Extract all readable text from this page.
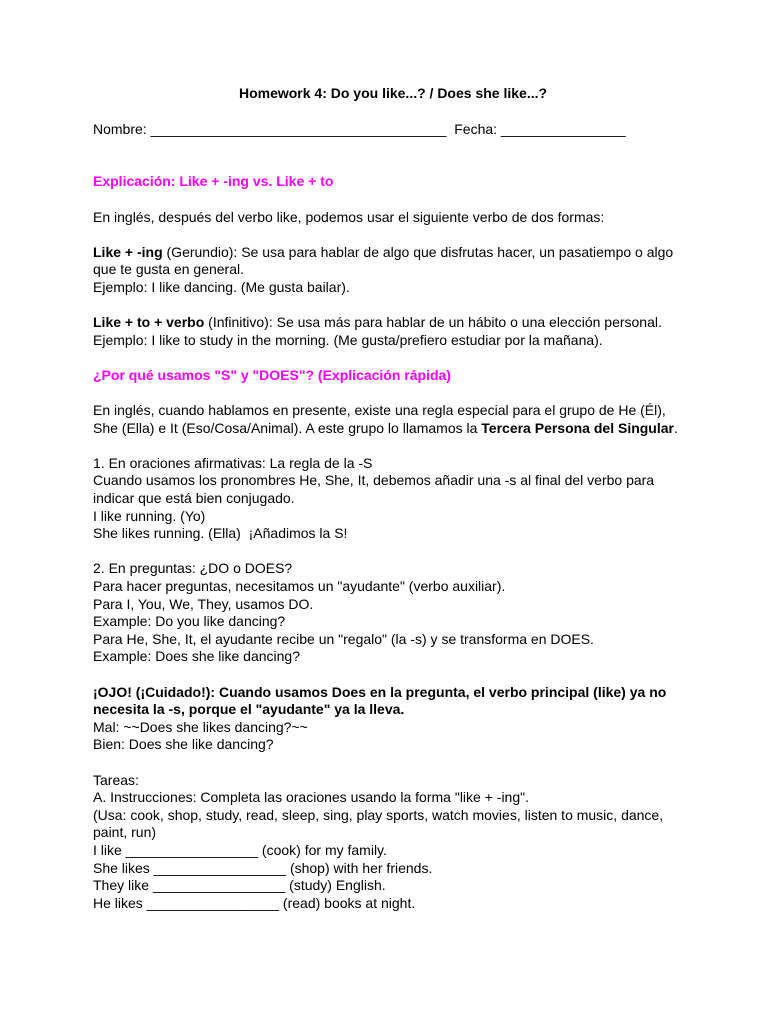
Homework 4: Do you like...? / Does she like...?
Nombre: ______________________________________  Fecha: ________________
Explicación: Like + -ing vs. Like + to
En inglés, después del verbo like, podemos usar el siguiente verbo de dos formas:
Like + -ing (Gerundio): Se usa para hablar de algo que disfrutas hacer, un pasatiempo o algo que te gusta en general.
Ejemplo: I like dancing. (Me gusta bailar).
Like + to + verbo (Infinitivo): Se usa más para hablar de un hábito o una elección personal.
Ejemplo: I like to study in the morning. (Me gusta/prefiero estudiar por la mañana).
¿Por qué usamos "S" y "DOES"? (Explicación rápida)
En inglés, cuando hablamos en presente, existe una regla especial para el grupo de He (Él), She (Ella) e It (Eso/Cosa/Animal). A este grupo lo llamamos la Tercera Persona del Singular.
1. En oraciones afirmativas: La regla de la -S
Cuando usamos los pronombres He, She, It, debemos añadir una -s al final del verbo para indicar que está bien conjugado.
I like running. (Yo)
She likes running. (Ella)  ¡Añadimos la S!
2. En preguntas: ¿DO o DOES?
Para hacer preguntas, necesitamos un "ayudante" (verbo auxiliar).
Para I, You, We, They, usamos DO.
Example: Do you like dancing?
Para He, She, It, el ayudante recibe un "regalo" (la -s) y se transforma en DOES.
Example: Does she like dancing?
¡OJO! (¡Cuidado!): Cuando usamos Does en la pregunta, el verbo principal (like) ya no necesita la -s, porque el "ayudante" ya la lleva.
Mal: ~~Does she likes dancing?~~
Bien: Does she like dancing?
Tareas:
A. Instrucciones: Completa las oraciones usando la forma "like + -ing".
(Usa: cook, shop, study, read, sleep, sing, play sports, watch movies, listen to music, dance, paint, run)
I like _________________ (cook) for my family.
She likes _________________ (shop) with her friends.
They like _________________ (study) English.
He likes _________________ (read) books at night.
